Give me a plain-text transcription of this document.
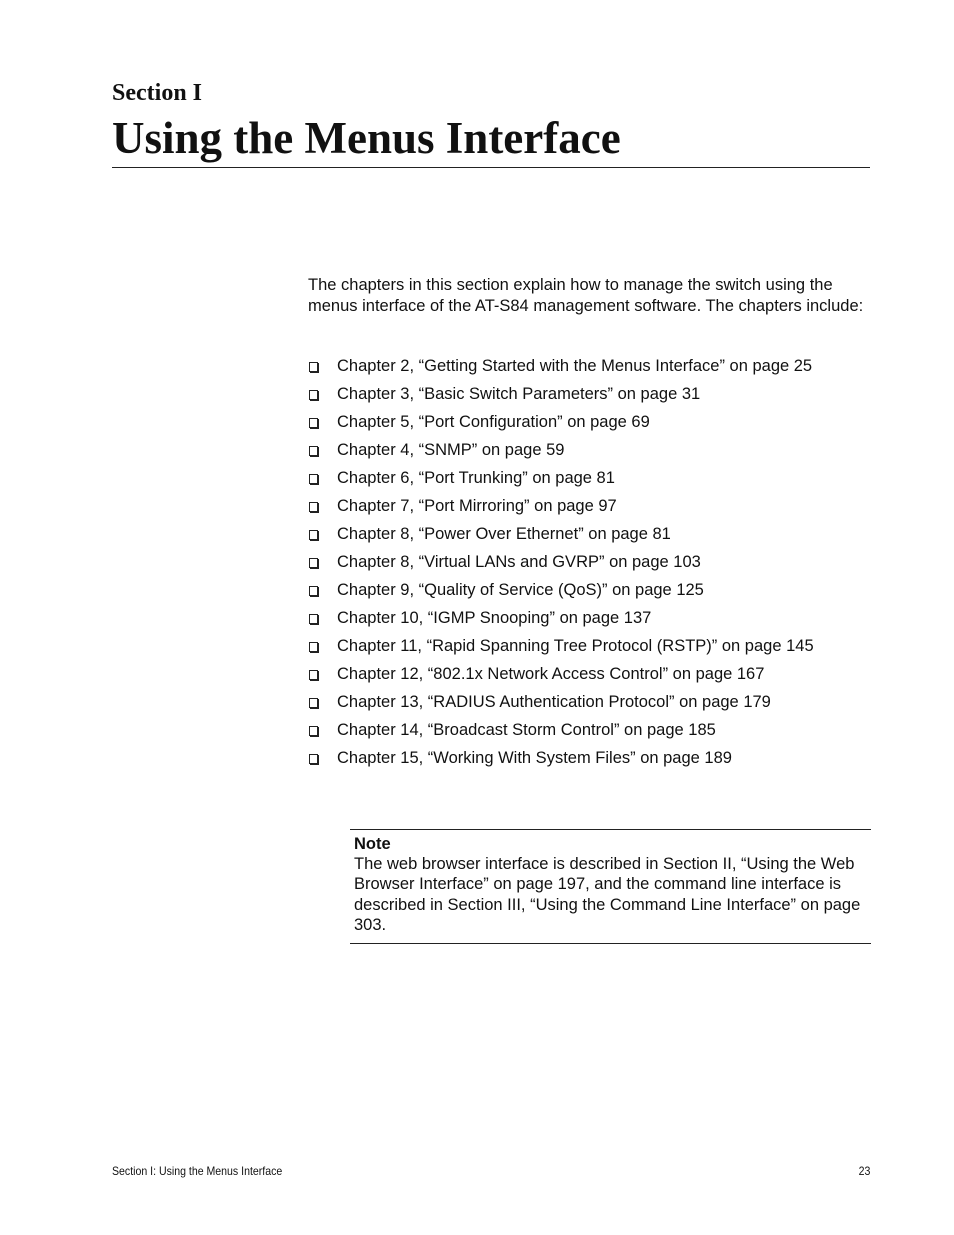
Section I
Using the Menus Interface

The chapters in this section explain how to manage the switch using the menus interface of the AT-S84 management software. The chapters include:

Chapter 2, “Getting Started with the Menus Interface” on page 25
Chapter 3, “Basic Switch Parameters” on page 31
Chapter 5, “Port Configuration” on page 69
Chapter 4, “SNMP” on page 59
Chapter 6, “Port Trunking” on page 81
Chapter 7, “Port Mirroring” on page 97
Chapter 8, “Power Over Ethernet” on page 81
Chapter 8, “Virtual LANs and GVRP” on page 103
Chapter 9, “Quality of Service (QoS)” on page 125
Chapter 10, “IGMP Snooping” on page 137
Chapter 11, “Rapid Spanning Tree Protocol (RSTP)” on page 145
Chapter 12, “802.1x Network Access Control” on page 167
Chapter 13, “RADIUS Authentication Protocol” on page 179
Chapter 14, “Broadcast Storm Control” on page 185
Chapter 15, “Working With System Files” on page 189

Note

The web browser interface is described in Section II, “Using the Web Browser Interface” on page 197, and the command line interface is described in Section III, “Using the Command Line Interface” on page 303.

Section I: Using the Menus Interface	23
